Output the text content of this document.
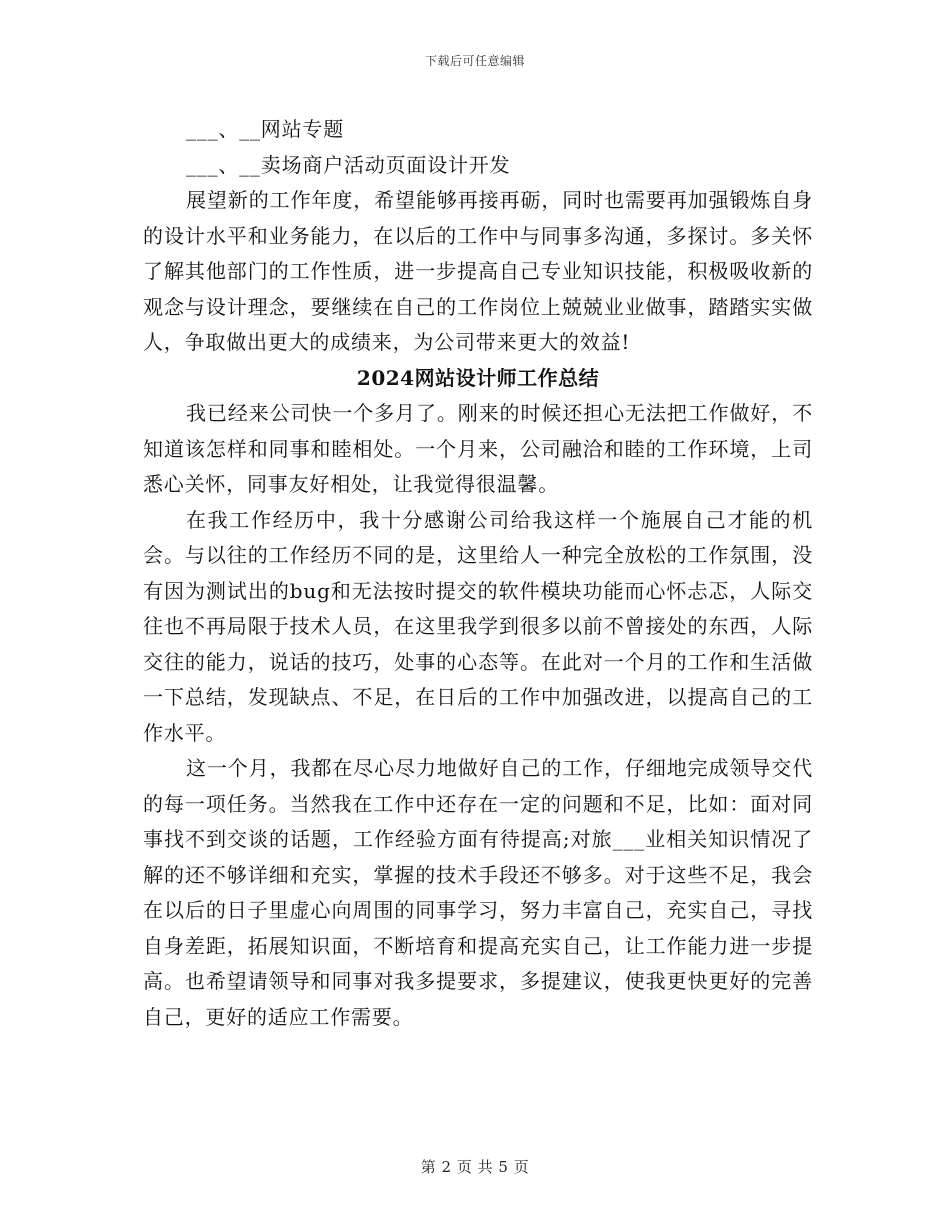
下载后可任意编辑

___、__网站专题

___、__卖场商户活动页面设计开发

展望新的工作年度，希望能够再接再砺，同时也需要再加强锻炼自身的设计水平和业务能力，在以后的工作中与同事多沟通，多探讨。多关怀了解其他部门的工作性质，进一步提高自己专业知识技能，积极吸收新的观念与设计理念，要继续在自己的工作岗位上兢兢业业做事，踏踏实实做人，争取做出更大的成绩来，为公司带来更大的效益!

2024网站设计师工作总结

我已经来公司快一个多月了。刚来的时候还担心无法把工作做好，不知道该怎样和同事和睦相处。一个月来，公司融洽和睦的工作环境，上司悉心关怀，同事友好相处，让我觉得很温馨。

在我工作经历中，我十分感谢公司给我这样一个施展自己才能的机会。与以往的工作经历不同的是，这里给人一种完全放松的工作氛围，没有因为测试出的bug和无法按时提交的软件模块功能而心怀忐忑，人际交往也不再局限于技术人员，在这里我学到很多以前不曾接处的东西，人际交往的能力，说话的技巧，处事的心态等。在此对一个月的工作和生活做一下总结，发现缺点、不足，在日后的工作中加强改进，以提高自己的工作水平。

这一个月，我都在尽心尽力地做好自己的工作，仔细地完成领导交代的每一项任务。当然我在工作中还存在一定的问题和不足，比如：面对同事找不到交谈的话题，工作经验方面有待提高;对旅___业相关知识情况了解的还不够详细和充实，掌握的技术手段还不够多。对于这些不足，我会在以后的日子里虚心向周围的同事学习，努力丰富自己，充实自己，寻找自身差距，拓展知识面，不断培育和提高充实自己，让工作能力进一步提高。也希望请领导和同事对我多提要求，多提建议，使我更快更好的完善自己，更好的适应工作需要。

第 2 页 共 5 页
